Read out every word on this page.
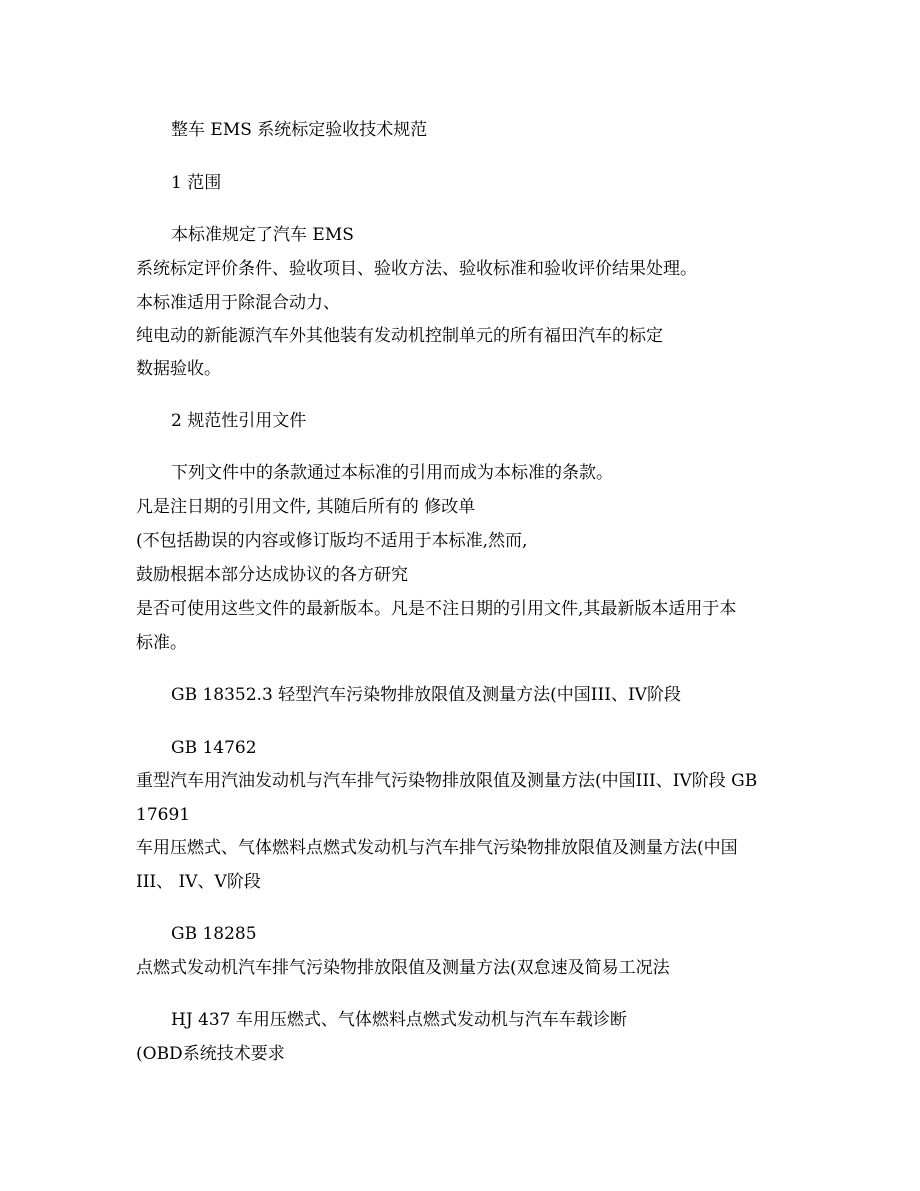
整车 EMS 系统标定验收技术规范
1 范围
本标准规定了汽车 EMS
系统标定评价条件、验收项目、验收方法、验收标准和验收评价结果处理。
本标准适用于除混合动力、
纯电动的新能源汽车外其他装有发动机控制单元的所有福田汽车的标定
数据验收。
2 规范性引用文件
下列文件中的条款通过本标准的引用而成为本标准的条款。
凡是注日期的引用文件, 其随后所有的 修改单
(不包括勘误的内容或修订版均不适用于本标准,然而,
鼓励根据本部分达成协议的各方研究
是否可使用这些文件的最新版本。凡是不注日期的引用文件,其最新版本适用于本
标准。
GB 18352.3 轻型汽车污染物排放限值及测量方法(中国III、IV阶段
GB 14762
重型汽车用汽油发动机与汽车排气污染物排放限值及测量方法(中国III、IV阶段 GB
17691
车用压燃式、气体燃料点燃式发动机与汽车排气污染物排放限值及测量方法(中国
III、 IV、V阶段
GB 18285
点燃式发动机汽车排气污染物排放限值及测量方法(双怠速及简易工况法
HJ 437 车用压燃式、气体燃料点燃式发动机与汽车车载诊断
(OBD系统技术要求
